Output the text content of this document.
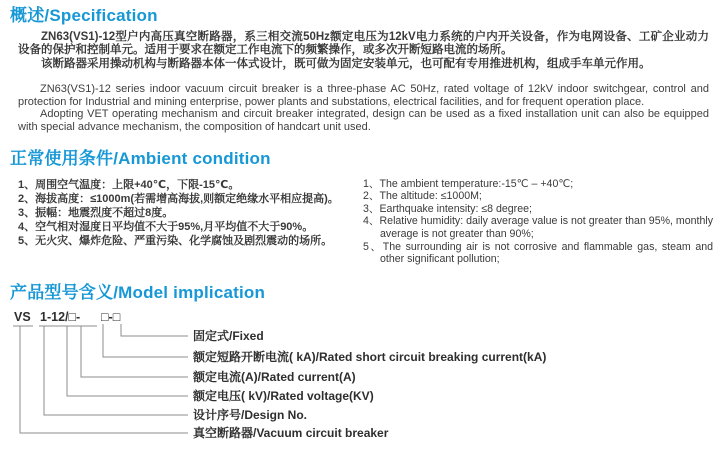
概述/Specification

ZN63(VS1)-12型户内高压真空断路器，系三相交流50Hz额定电压为12kV电力系统的户内开关设备，作为电网设备、工矿企业动力设备的保护和控制单元。适用于要求在额定工作电流下的频繁操作，或多次开断短路电流的场所。

该断路器采用操动机构与断路器本体一体式设计，既可做为固定安装单元，也可配有专用推进机构，组成手车单元作用。

ZN63(VS1)-12 series indoor vacuum circuit breaker is a three-phase AC 50Hz, rated voltage of 12kV indoor switchgear, control and protection for Industrial and mining enterprise, power plants and substations, electrical facilities, and for frequent operation place.

Adopting VET operating mechanism and circuit breaker integrated, design can be used as a fixed installation unit can also be equipped with special advance mechanism, the composition of handcart unit used.

正常使用条件/Ambient condition
1、周围空气温度：上限+40℃，下限-15℃。
2、海拔高度：≤1000m(若需增高海拔,则额定绝缘水平相应提高)。
3、振幅：地震烈度不超过8度。
4、空气相对湿度日平均值不大于95%,月平均值不大于90%。
5、无火灾、爆炸危险、严重污染、化学腐蚀及剧烈震动的场所。
1、The ambient temperature:-15℃ – +40℃;
2、The altitude: ≤1000M;
3、Earthquake intensity: ≤8 degree;
4、Relative humidity: daily average value is not greater than 95%, monthly average is not greater than 90%;
5、The surrounding air is not corrosive and flammable gas, steam and other significant pollution;
产品型号含义/Model implication
VS 1-12/□- □-□
固定式/Fixed
额定短路开断电流( kA)/Rated short circuit breaking current(kA)
额定电流(A)/Rated current(A)
额定电压( kV)/Rated voltage(KV)
设计序号/Design No.
真空断路器/Vacuum circuit breaker
